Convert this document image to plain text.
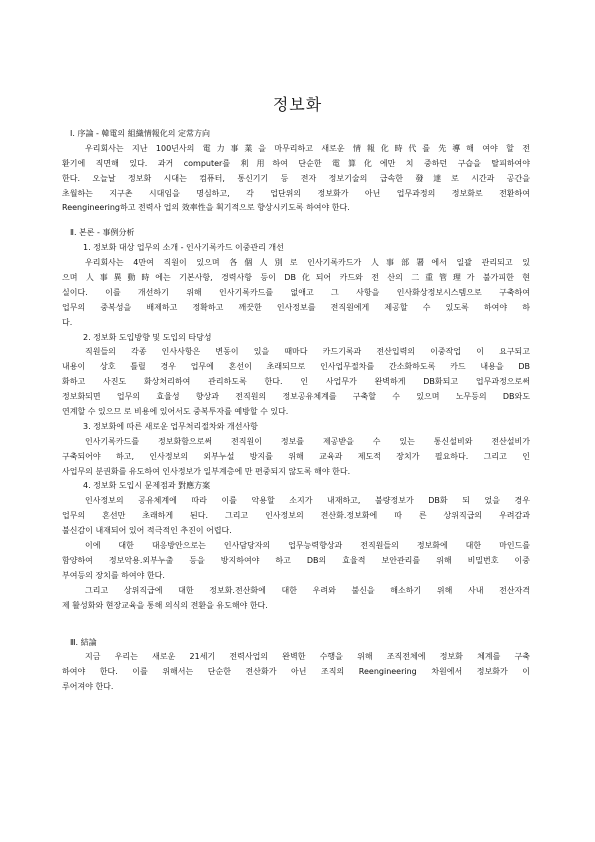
정보화
Ⅰ. 序論 - 韓電의 組織情報化의 定常方向
우리회사는 지난 100년사의 電力事業을 마무리하고 새로운 情報化時代를 先導해 여야 할 전
환기에 직면해 있다. 과거 computer를 利用하여 단순한 電算化에만 치 중하던 구습을 탈피하여야
한다. 오늘날 정보화 시대는 컴퓨터, 통신기기 등 전자 정보기술의 급속한 發達로 시간과 공간을
초월하는 지구촌 시대임을 명심하고, 각 업단위의 정보화가 아닌 업무과정의 정보화로 전환하여
Reengineering하고 전력사 업의 效率性을 획기적으로 향상시키도록 하여야 한다.
Ⅱ. 본론 - 事例分析
1. 정보화 대상 업무의 소개 - 인사기록카드 이중관리 개선
우리회사는 4만여 직원이 있으며 各個人別로 인사기록카드가 人事部署에서 일괄 관리되고 있
으며 人事異動時에는 기본사항, 경력사항 등이 DB化되어 카드와 전 산의 二重管理가 불가피한 현
실이다. 이를 개선하기 위해 인사기록카드를 없애고 그 사항을 인사화상정보시스템으로 구축하여
업무의 중복성을 배제하고 정확하고 깨끗한 인사정보를 전직원에게 제공할 수 있도록 하여야 하
다.
2. 정보화 도입방향 및 도입의 타당성
직원들의 각종 인사사항은 변동이 있을 때마다 카드기록과 전산입력의 이중작업 이 요구되고
내용이 상호 틀릴 경우 업무에 혼선이 초래되므로 인사업무절차를 간소화하도록 카드 내용을 DB
화하고 사진도 화상처리하여 관리하도록 한다. 인 사업무가 완벽하게 DB화되고 업무과정으로써
정보화되면 업무의 효율성 향상과 전직원의 정보공유체계를 구축할 수 있으며 노무등의 DB와도
연계할 수 있으므 로 비용에 있어서도 중복투자를 예방할 수 있다.
3. 정보화에 따른 새로운 업무처리절차와 개선사항
인사기록카드를 정보화함으로써 전직원이 정보를 제공받을 수 있는 통신설비와 전산설비가
구축되어야 하고, 인사정보의 외부누설 방지를 위해 교육과 제도적 장치가 필요하다. 그리고 인
사업무의 분권화를 유도하여 인사정보가 일부계층에 만 편중되지 않도록 해야 한다.
4. 정보화 도입시 문제점과 對應方案
인사정보의 공유체계에 따라 이를 악용할 소지가 내재하고, 불량정보가 DB화 되 었을 경우
업무의 혼선만 초래하게 된다. 그리고 인사정보의 전산화.정보화에 따 른 상위직급의 우려감과
불신감이 내재되어 있어 적극적인 추진이 어렵다.
이에 대한 대응방안으로는 인사담당자의 업무능력향상과 전직원들의 정보화에 대한 마인드를
함양하여 정보악용.외부누출 등을 방지하여야 하고 DB의 효율적 보안관리를 위해 비밀번호 이중
부여등의 장치를 하여야 한다.
그리고 상위직급에 대한 정보화.전산화에 대한 우려와 불신을 해소하기 위해 사내 전산자격
제 활성화와 현장교육을 통해 의식의 전환을 유도해야 한다.
Ⅲ. 結論
지금 우리는 새로운 21세기 전력사업의 완벽한 수행을 위해 조직전체에 정보화 체계를 구축
하여야 한다. 이를 위해서는 단순한 전산화가 아닌 조직의 Reengineering 차원에서 정보화가 이
루어져야 한다.
